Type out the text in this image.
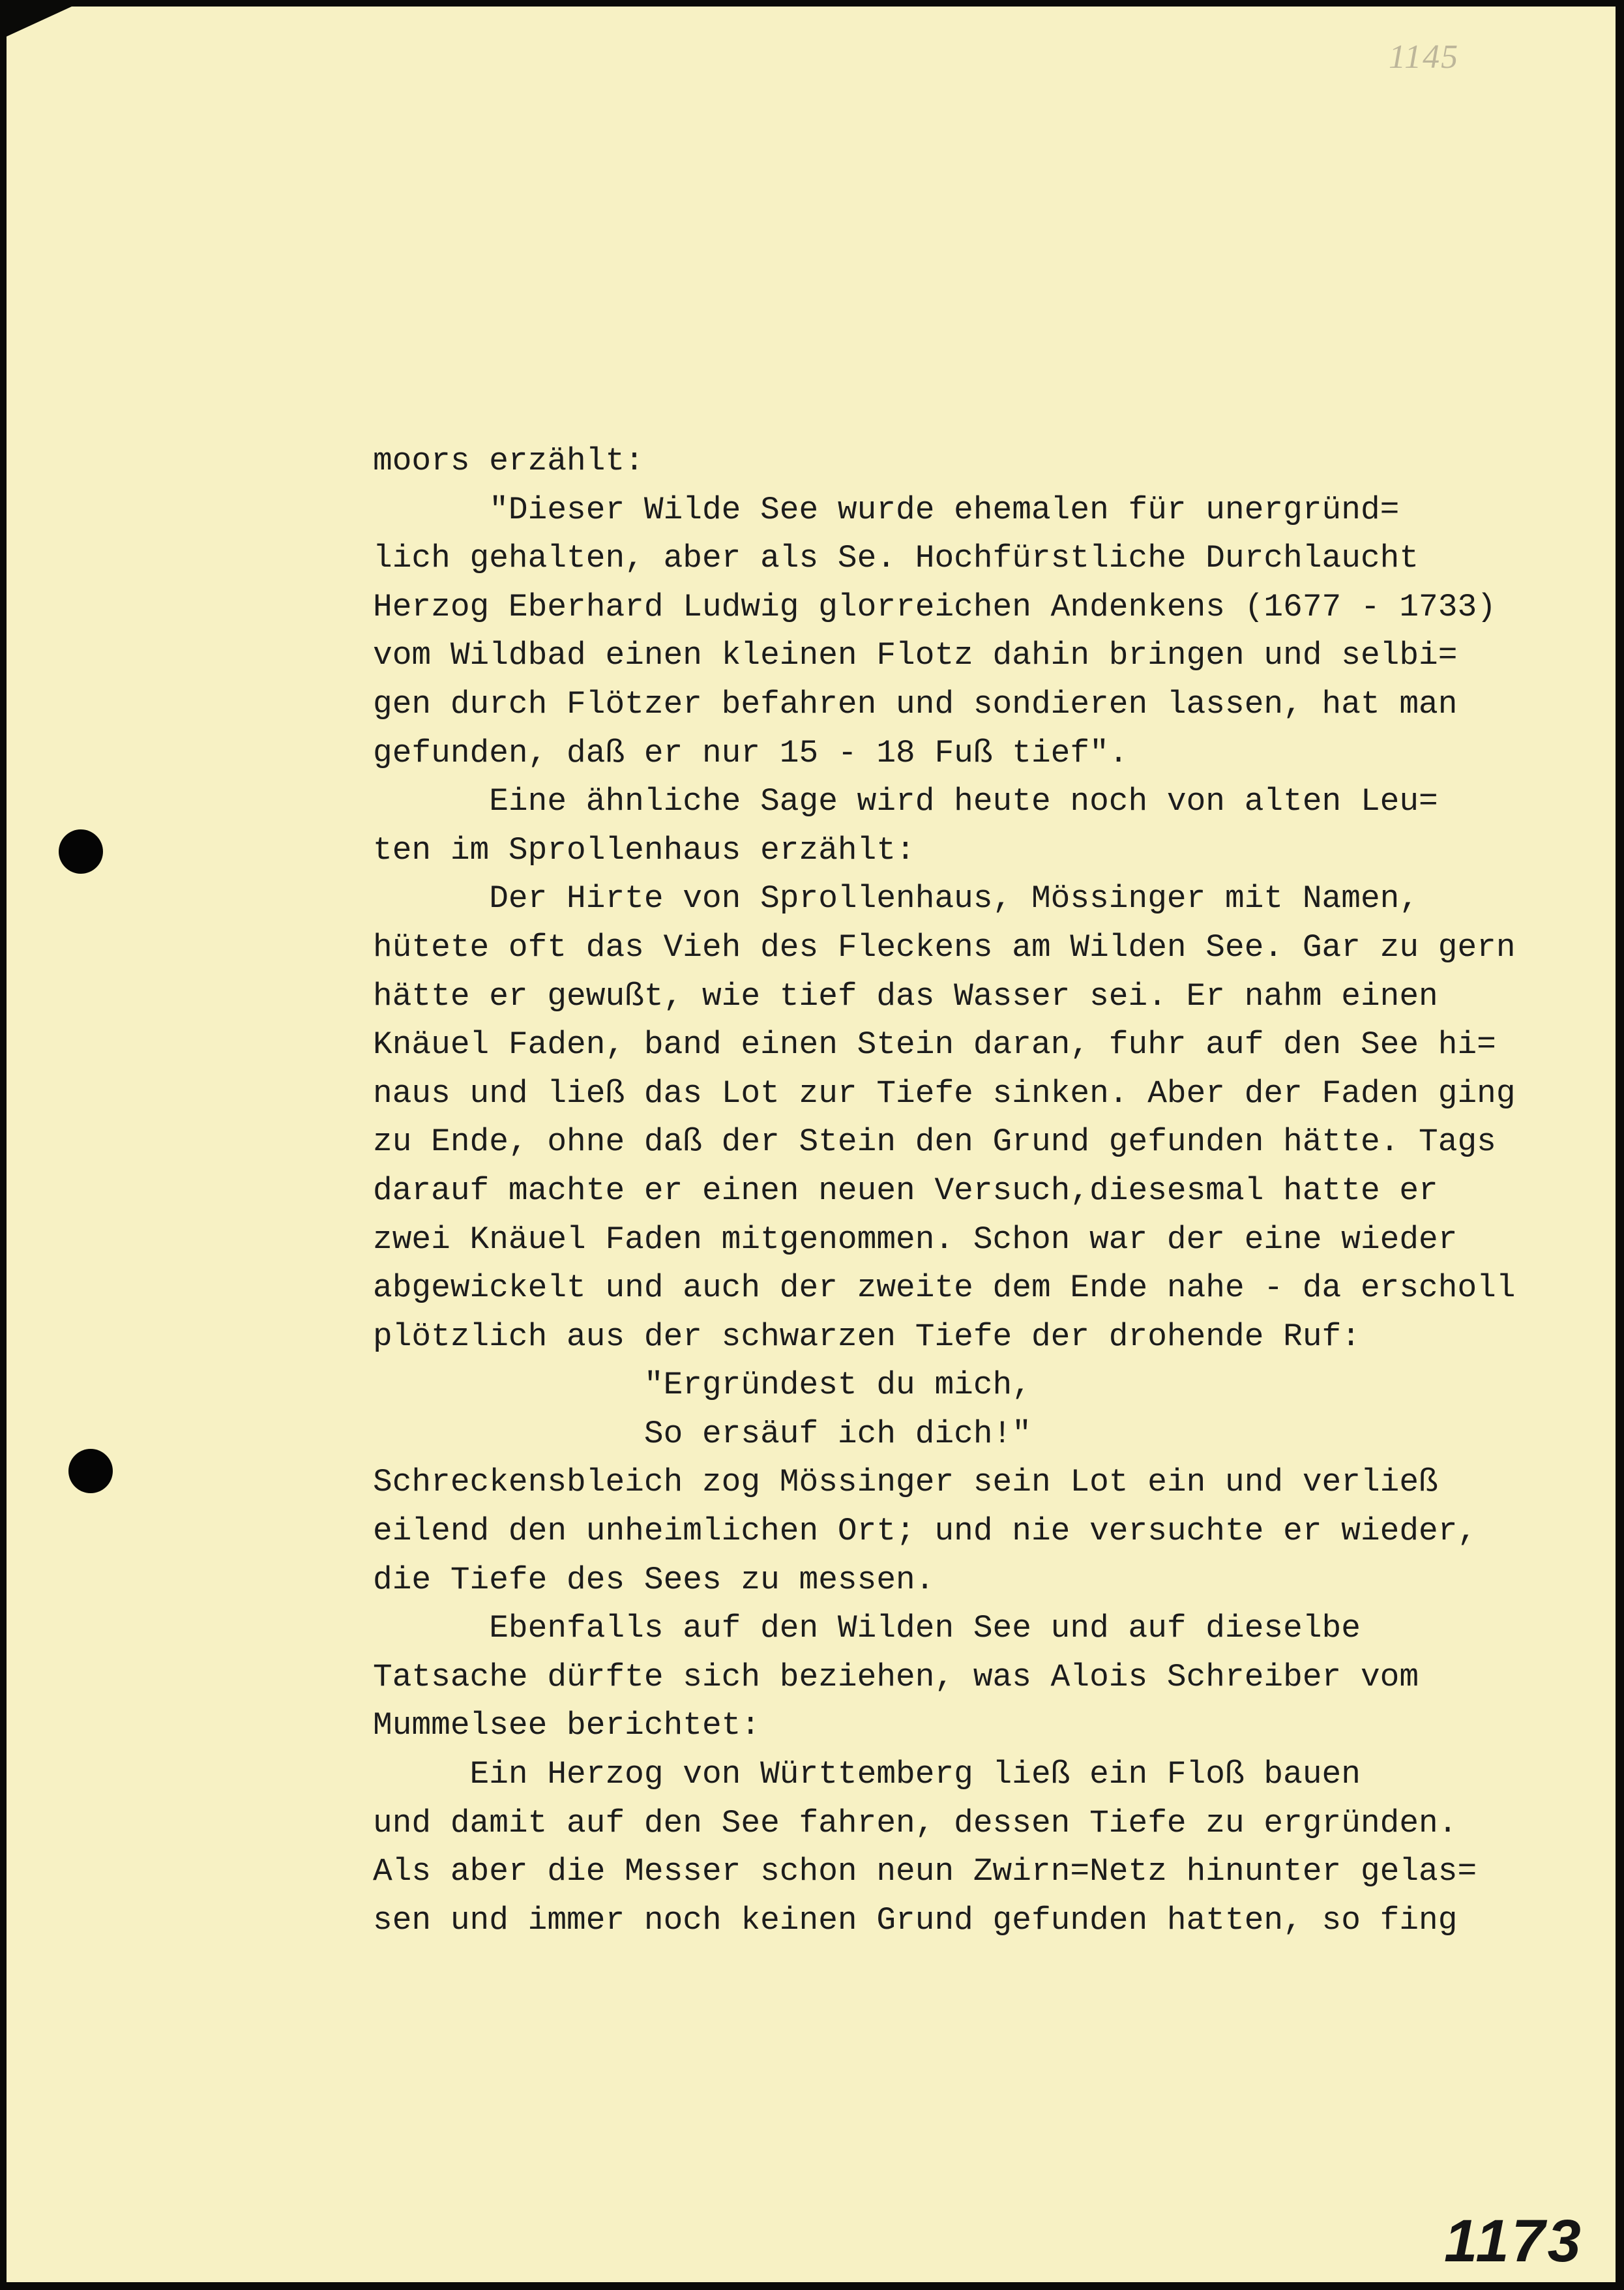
1145
moors erzählt:
"Dieser Wilde See wurde ehemalen für unergründ=
lich gehalten, aber als Se. Hochfürstliche Durchlaucht
Herzog Eberhard Ludwig glorreichen Andenkens (1677 - 1733)
vom Wildbad einen kleinen Flotz dahin bringen und selbi=
gen durch Flötzer befahren und sondieren lassen, hat man
gefunden, daß er nur 15 - 18 Fuß tief".
Eine ähnliche Sage wird heute noch von alten Leu=
ten im Sprollenhaus erzählt:
Der Hirte von Sprollenhaus, Mössinger mit Namen,
hütete oft das Vieh des Fleckens am Wilden See. Gar zu gern
hätte er gewußt, wie tief das Wasser sei. Er nahm einen
Knäuel Faden, band einen Stein daran, fuhr auf den See hi=
naus und ließ das Lot zur Tiefe sinken. Aber der Faden ging
zu Ende, ohne daß der Stein den Grund gefunden hätte. Tags
darauf machte er einen neuen Versuch,diesesmal hatte er
zwei Knäuel Faden mitgenommen. Schon war der eine wieder
abgewickelt und auch der zweite dem Ende nahe - da erscholl
plötzlich aus der schwarzen Tiefe der drohende Ruf:
"Ergründest du mich,
So ersäuf ich dich!"
Schreckensbleich zog Mössinger sein Lot ein und verließ
eilend den unheimlichen Ort; und nie versuchte er wieder,
die Tiefe des Sees zu messen.
Ebenfalls auf den Wilden See und auf dieselbe
Tatsache dürfte sich beziehen, was Alois Schreiber vom
Mummelsee berichtet:
Ein Herzog von Württemberg ließ ein Floß bauen
und damit auf den See fahren, dessen Tiefe zu ergründen.
Als aber die Messer schon neun Zwirn=Netz hinunter gelas=
sen und immer noch keinen Grund gefunden hatten, so fing
1173
